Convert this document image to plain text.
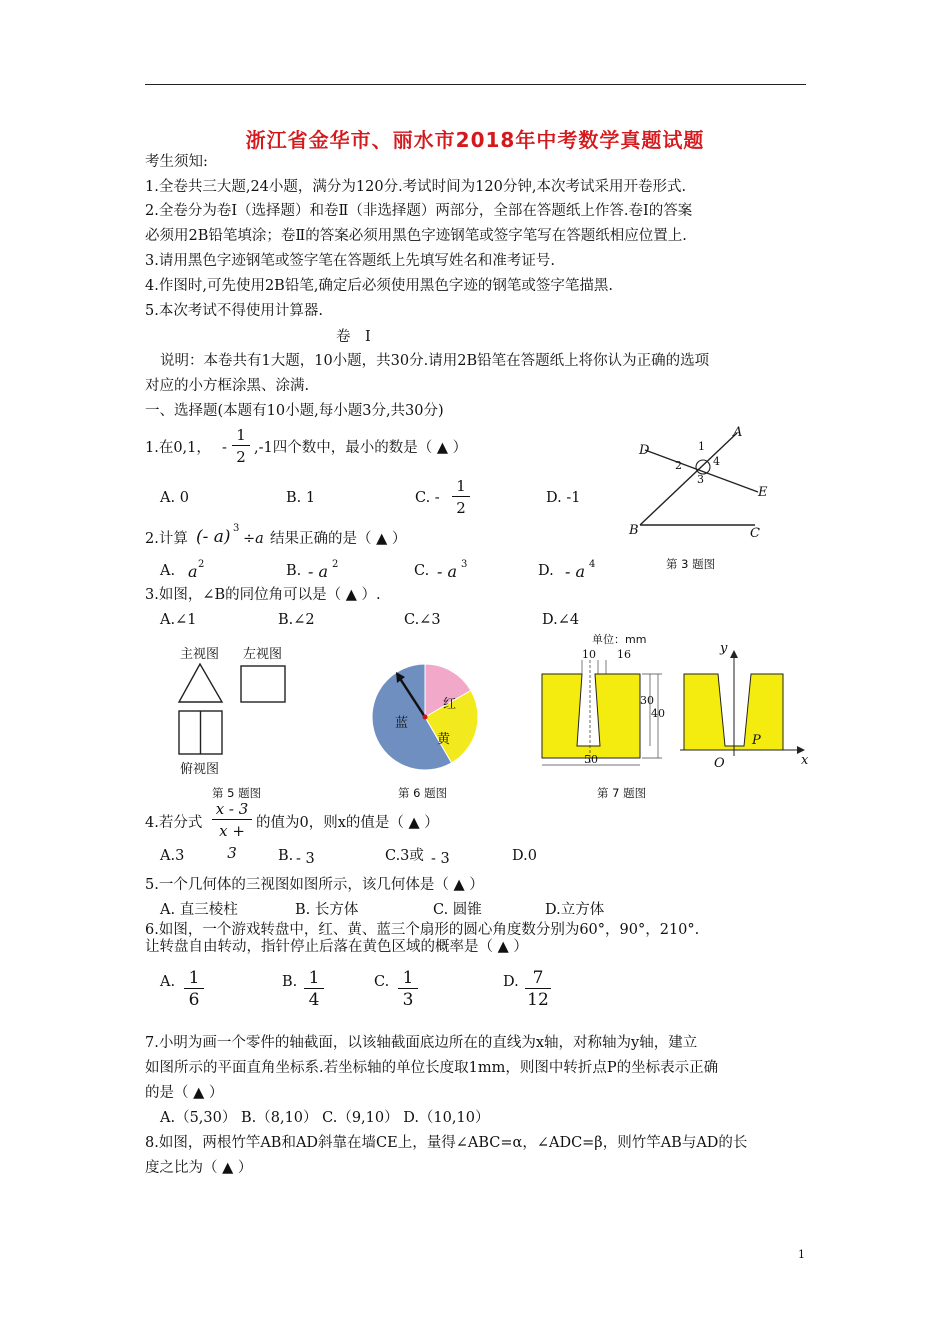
浙江省金华市、丽水市2018年中考数学真题试题
考生须知:
1.全卷共三大题,24小题，满分为120分.考试时间为120分钟,本次考试采用开卷形式.
2.全卷分为卷Ⅰ（选择题）和卷Ⅱ（非选择题）两部分，全部在答题纸上作答.卷Ⅰ的答案
必须用2B铅笔填涂；卷Ⅱ的答案必须用黑色字迹钢笔或签字笔写在答题纸相应位置上.
3.请用黑色字迹钢笔或签字笔在答题纸上先填写姓名和准考证号.
4.作图时,可先使用2B铅笔,确定后必须使用黑色字迹的钢笔或签字笔描黑.
5.本次考试不得使用计算器.
卷　Ⅰ
说明：本卷共有1大题，10小题，共30分.请用2B铅笔在答题纸上将你认为正确的选项
对应的小方框涂黑、涂满.
一、选择题(本题有10小题,每小题3分,共30分)
1.在0,1， - $\frac{1}{2} ,-1$四个数中，最小的数是（ ▲ ）
A. 0	B. 1	C. - $\frac{1}{2}$	D. -1
2.计算 (- a) 3
÷a 结果正确的是（ ▲ ）
A. a 2	B. - a 2	C. - a 3	D. - a 4
3.如图，∠B的同位角可以是（ ▲ ）.
A.∠1	B.∠2	C.∠3	D.∠4
A
D
E
B	C
1
2
3
4
第 3 题图
主视图 左视图
俯视图
第 5 题图
红
黄
蓝
第 6 题图
单位：mm
10 16
30
40
50
y
x
O
P
第 7 题图
4.若分式 $\frac{x - 3}{x + 3}$ 的值为0，则x的值是（ ▲ ）
A.3	B. - 3	C.3或 - 3	D.0
5.一个几何体的三视图如图所示，该几何体是（ ▲ ）
A. 直三棱柱	B. 长方体	C. 圆锥	D.立方体
6.如图，一个游戏转盘中，红、黄、蓝三个扇形的圆心角度数分别为60°，90°，210°.
让转盘自由转动，指针停止后落在黄色区域的概率是（ ▲ ）
A. $\frac{1}{6}$	B. $\frac{1}{4}$	C. $\frac{1}{3}$	D. $\frac{7}{12}$
7.小明为画一个零件的轴截面，以该轴截面底边所在的直线为x轴，对称轴为y轴，建立
如图所示的平面直角坐标系.若坐标轴的单位长度取1mm，则图中转折点P的坐标表示正确
的是（ ▲ ）
A.（5,30） B.（8,10） C.（9,10） D.（10,10）
8.如图，两根竹竿AB和AD斜靠在墙CE上，量得∠ABC=α，∠ADC=β，则竹竿AB与AD的长
度之比为（ ▲ ）
1
